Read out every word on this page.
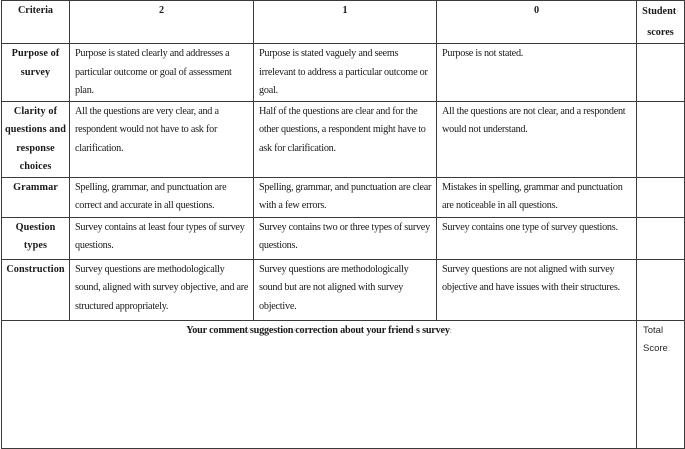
Criteria	2	1	0	Student·
scores
Purpose of survey	Purpose is stated clearly and addresses a particular outcome or goal of assessment plan.	Purpose is stated vaguely and seems irrelevant to address a particular outcome or goal.	Purpose is not stated.	
Clarity of questions and response choices	All the questions are very clear, and a respondent would not have to ask for clarification.	Half of the questions are clear and for the other questions, a respondent might have to ask for clarification.	All the questions are not clear, and a respondent would not understand.	
Grammar	Spelling, grammar, and punctuation are correct and accurate in all questions.	Spelling, grammar, and punctuation are clear with a few errors.	Mistakes in spelling, grammar and punctuation are noticeable in all questions.	
Question types	Survey contains at least four types of survey questions.	Survey contains two or three types of survey questions.	Survey contains one type of survey questions.	
Construction	Survey questions are methodologically sound, aligned with survey objective, and are structured appropriately.	Survey questions are methodologically sound but are not aligned with survey objective.	Survey questions are not aligned with survey objective and have issues with their structures.	
Your comment/suggestion/correction about your friend·s survey:				Total
Score:
